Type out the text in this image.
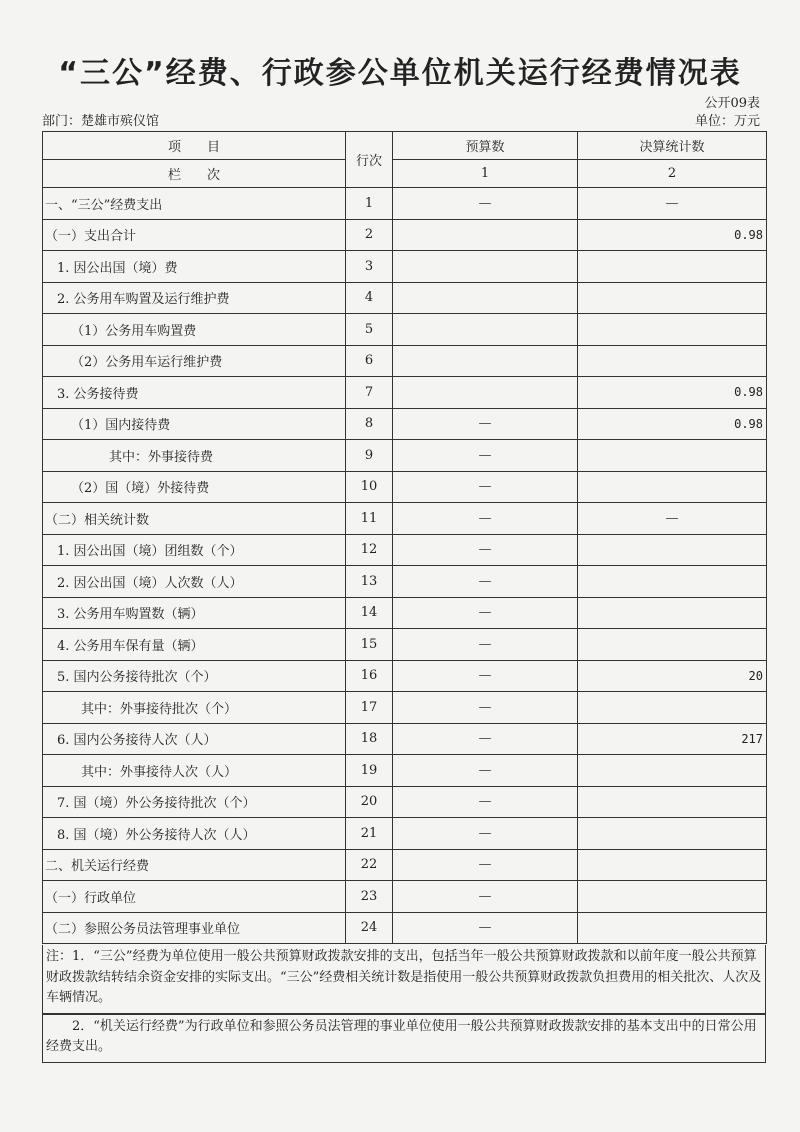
“三公”经费、行政参公单位机关运行经费情况表
公开09表
部门：楚雄市殡仪馆	单位：万元
项　　目	行次	预算数	决算统计数
栏　　次		1	2
一、“三公”经费支出	1	—	—
（一）支出合计	2		0.98
1. 因公出国（境）费	3		
2. 公务用车购置及运行维护费	4		
（1）公务用车购置费	5		
（2）公务用车运行维护费	6		
3. 公务接待费	7		0.98
（1）国内接待费	8	—	0.98
其中：外事接待费	9	—	
（2）国（境）外接待费	10	—	
（二）相关统计数	11	—	—
1. 因公出国（境）团组数（个）	12	—	
2. 因公出国（境）人次数（人）	13	—	
3. 公务用车购置数（辆）	14	—	
4. 公务用车保有量（辆）	15	—	
5. 国内公务接待批次（个）	16	—	20
其中：外事接待批次（个）	17	—	
6. 国内公务接待人次（人）	18	—	217
其中：外事接待人次（人）	19	—	
7. 国（境）外公务接待批次（个）	20	—	
8. 国（境）外公务接待人次（人）	21	—	
二、机关运行经费	22	—	
（一）行政单位	23	—	
（二）参照公务员法管理事业单位	24	—	
注：1．“三公”经费为单位使用一般公共预算财政拨款安排的支出，包括当年一般公共预算财政拨款和以前年度一般公共预算财政拨款结转结余资金安排的实际支出。“三公”经费相关统计数是指使用一般公共预算财政拨款负担费用的相关批次、人次及 车辆情况。
2．“机关运行经费”为行政单位和参照公务员法管理的事业单位使用一般公共预算财政拨款安排的基本支出中的日常公用经费支出。
